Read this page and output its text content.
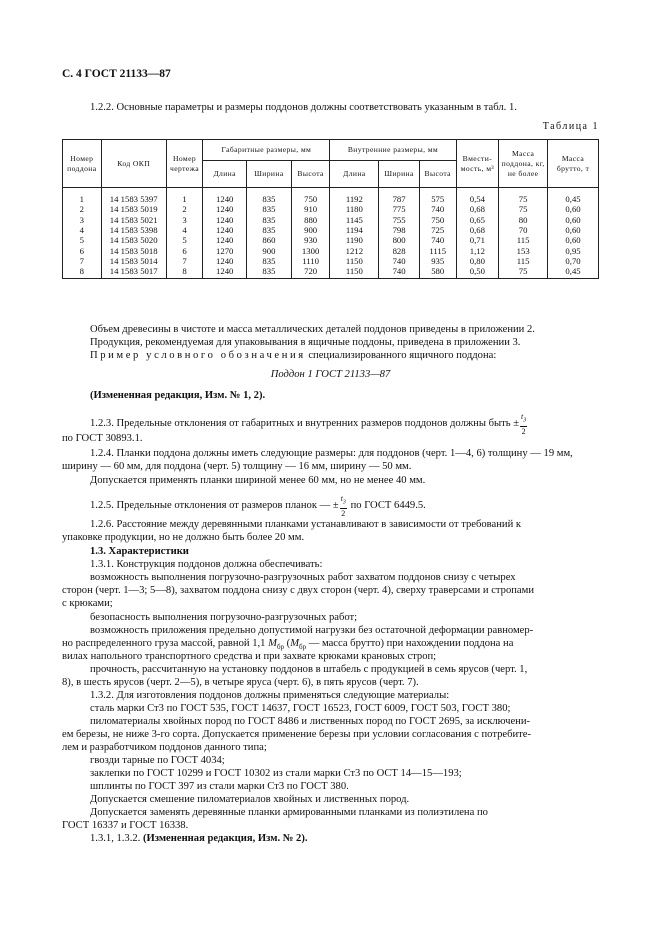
С. 4 ГОСТ 21133—87

1.2.2. Основные параметры и размеры поддонов должны соответствовать указанным в табл. 1.

Таблица 1
Номер поддона	Код ОКП	Номер чертежа	Габаритные размеры, мм			Внутренние размеры, мм			Вмести-мость, м³	Масса поддона, кг, не более	Масса брутто, т
			Длина	Ширина	Высота	Длина	Ширина	Высота			
1	14 1583 5397	1	1240	835	750	1192	787	575	0,54	75	0,45
2	14 1583 5019	2	1240	835	910	1180	775	740	0,68	75	0,60
3	14 1583 5021	3	1240	835	880	1145	755	750	0,65	80	0,60
4	14 1583 5398	4	1240	835	900	1194	798	725	0,68	70	0,60
5	14 1583 5020	5	1240	860	930	1190	800	740	0,71	115	0,60
6	14 1583 5018	6	1270	900	1300	1212	828	1115	1,12	153	0,95
7	14 1583 5014	7	1240	835	1110	1150	740	935	0,80	115	0,70
8	14 1583 5017	8	1240	835	720	1150	740	580	0,50	75	0,45

Объем древесины в чистоте и масса металлических деталей поддонов приведены в приложении 2.

Продукция, рекомендуемая для упаковывания в ящичные поддоны, приведена в приложении 3.

Пример условного обозначения специализированного ящичного поддона:

Поддон 1 ГОСТ 21133—87

(Измененная редакция, Изм. № 1, 2).

1.2.3. Предельные отклонения от габаритных и внутренних размеров поддонов должны быть ± $\frac{t_3}{2}$

по ГОСТ 30893.1.

1.2.4. Планки поддона должны иметь следующие размеры: для поддонов (черт. 1—4, 6) толщину — 19 мм,

ширину — 60 мм, для поддона (черт. 5) толщину — 16 мм, ширину — 50 мм.

Допускается применять планки шириной менее 60 мм, но не менее 40 мм.

1.2.5. Предельные отклонения от размеров планок — ± $\frac{t_3}{2}$ по ГОСТ 6449.5.

1.2.6. Расстояние между деревянными планками устанавливают в зависимости от требований к

упаковке продукции, но не должно быть более 20 мм.

1.3. Характеристики

1.3.1. Конструкция поддонов должна обеспечивать:

возможность выполнения погрузочно-разгрузочных работ захватом поддонов снизу с четырех

сторон (черт. 1—3; 5—8), захватом поддона снизу с двух сторон (черт. 4), сверху траверсами и стропами

с крюками;

безопасность выполнения погрузочно-разгрузочных работ;

возможность приложения предельно допустимой нагрузки без остаточной деформации равномер-

но распределенного груза массой, равной 1,1 $M_{бр}$ ($M_{бр}$ — масса брутто) при нахождении поддона на

вилах напольного транспортного средства и при захвате крюками крановых строп;

прочность, рассчитанную на установку поддонов в штабель с продукцией в семь ярусов (черт. 1,

8), в шесть ярусов (черт. 2—5), в четыре яруса (черт. 6), в пять ярусов (черт. 7).

1.3.2. Для изготовления поддонов должны применяться следующие материалы:

сталь марки Ст3 по ГОСТ 535, ГОСТ 14637, ГОСТ 16523, ГОСТ 6009, ГОСТ 503, ГОСТ 380;

пиломатериалы хвойных пород по ГОСТ 8486 и лиственных пород по ГОСТ 2695, за исключени-

ем березы, не ниже 3-го сорта. Допускается применение березы при условии согласования с потребите-

лем и разработчиком поддонов данного типа;

гвозди тарные по ГОСТ 4034;

заклепки по ГОСТ 10299 и ГОСТ 10302 из стали марки Ст3 по ОСТ 14—15—193;

шплинты по ГОСТ 397 из стали марки Ст3 по ГОСТ 380.

Допускается смешение пиломатериалов хвойных и лиственных пород.

Допускается заменять деревянные планки армированными планками из полиэтилена по

ГОСТ 16337 и ГОСТ 16338.

1.3.1, 1.3.2. (Измененная редакция, Изм. № 2).
